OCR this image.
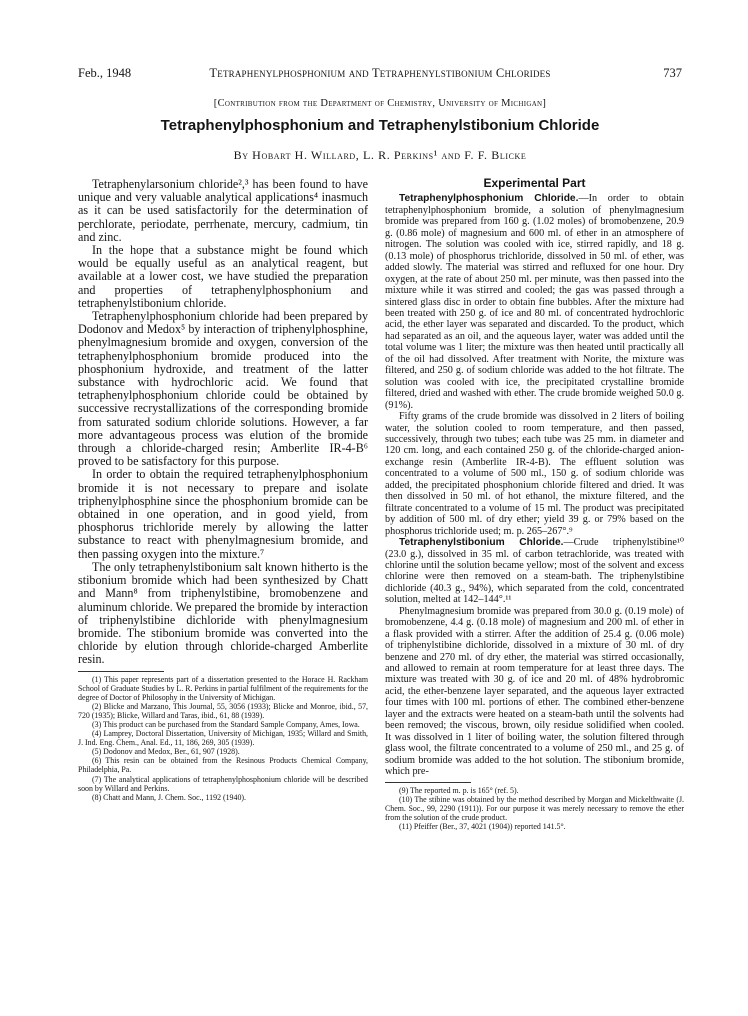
Feb., 1948	Tetraphenylphosphonium and Tetraphenylstibonium Chlorides	737
[Contribution from the Department of Chemistry, University of Michigan]
Tetraphenylphosphonium and Tetraphenylstibonium Chloride
By Hobart H. Willard, L. R. Perkins¹ and F. F. Blicke

Tetraphenylarsonium chloride²,³ has been found to have unique and very valuable analytical applications⁴ inasmuch as it can be used satisfactorily for the determination of perchlorate, periodate, perrhenate, mercury, cadmium, tin and zinc.

In the hope that a substance might be found which would be equally useful as an analytical reagent, but available at a lower cost, we have studied the preparation and properties of tetraphenylphosphonium and tetraphenylstibonium chloride.

Tetraphenylphosphonium chloride had been prepared by Dodonov and Medox⁵ by interaction of triphenylphosphine, phenylmagnesium bromide and oxygen, conversion of the tetraphenylphosphonium bromide produced into the phosphonium hydroxide, and treatment of the latter substance with hydrochloric acid. We found that tetraphenylphosphonium chloride could be obtained by successive recrystallizations of the corresponding bromide from saturated sodium chloride solutions. However, a far more advantageous process was elution of the bromide through a chloride-charged resin; Amberlite IR-4-B⁶ proved to be satisfactory for this purpose.

In order to obtain the required tetraphenylphosphonium bromide it is not necessary to prepare and isolate triphenylphosphine since the phosphonium bromide can be obtained in one operation, and in good yield, from phosphorus trichloride merely by allowing the latter substance to react with phenylmagnesium bromide, and then passing oxygen into the mixture.⁷

The only tetraphenylstibonium salt known hitherto is the stibonium bromide which had been synthesized by Chatt and Mann⁸ from triphenylstibine, bromobenzene and aluminum chloride. We prepared the bromide by interaction of triphenylstibine dichloride with phenylmagnesium bromide. The stibonium bromide was converted into the chloride by elution through chloride-charged Amberlite resin.

(1) This paper represents part of a dissertation presented to the Horace H. Rackham School of Graduate Studies by L. R. Perkins in partial fulfilment of the requirements for the degree of Doctor of Philosophy in the University of Michigan.

(2) Blicke and Marzano, This Journal, 55, 3056 (1933); Blicke and Monroe, ibid., 57, 720 (1935); Blicke, Willard and Taras, ibid., 61, 88 (1939).

(3) This product can be purchased from the Standard Sample Company, Ames, Iowa.

(4) Lamprey, Doctoral Dissertation, University of Michigan, 1935; Willard and Smith, J. Ind. Eng. Chem., Anal. Ed., 11, 186, 269, 305 (1939).

(5) Dodonov and Medox, Ber., 61, 907 (1928).

(6) This resin can be obtained from the Resinous Products Chemical Company, Philadelphia, Pa.

(7) The analytical applications of tetraphenylphosphonium chloride will be described soon by Willard and Perkins.

(8) Chatt and Mann, J. Chem. Soc., 1192 (1940).

Experimental Part

Tetraphenylphosphonium Chloride.—In order to obtain tetraphenylphosphonium bromide, a solution of phenylmagnesium bromide was prepared from 160 g. (1.02 moles) of bromobenzene, 20.9 g. (0.86 mole) of magnesium and 600 ml. of ether in an atmosphere of nitrogen. The solution was cooled with ice, stirred rapidly, and 18 g. (0.13 mole) of phosphorus trichloride, dissolved in 50 ml. of ether, was added slowly. The material was stirred and refluxed for one hour. Dry oxygen, at the rate of about 250 ml. per minute, was then passed into the mixture while it was stirred and cooled; the gas was passed through a sintered glass disc in order to obtain fine bubbles. After the mixture had been treated with 250 g. of ice and 80 ml. of concentrated hydrochloric acid, the ether layer was separated and discarded. To the product, which had separated as an oil, and the aqueous layer, water was added until the total volume was 1 liter; the mixture was then heated until practically all of the oil had dissolved. After treatment with Norite, the mixture was filtered, and 250 g. of sodium chloride was added to the hot filtrate. The solution was cooled with ice, the precipitated crystalline bromide filtered, dried and washed with ether. The crude bromide weighed 50.0 g. (91%).

Fifty grams of the crude bromide was dissolved in 2 liters of boiling water, the solution cooled to room temperature, and then passed, successively, through two tubes; each tube was 25 mm. in diameter and 120 cm. long, and each contained 250 g. of the chloride-charged anion-exchange resin (Amberlite IR-4-B). The effluent solution was concentrated to a volume of 500 ml., 150 g. of sodium chloride was added, the precipitated phosphonium chloride filtered and dried. It was then dissolved in 50 ml. of hot ethanol, the mixture filtered, and the filtrate concentrated to a volume of 15 ml. The product was precipitated by addition of 500 ml. of dry ether; yield 39 g. or 79% based on the phosphorus trichloride used; m. p. 265–267°.⁹

Tetraphenylstibonium Chloride.—Crude triphenylstibine¹⁰ (23.0 g.), dissolved in 35 ml. of carbon tetrachloride, was treated with chlorine until the solution became yellow; most of the solvent and excess chlorine were then removed on a steam-bath. The triphenylstibine dichloride (40.3 g., 94%), which separated from the cold, concentrated solution, melted at 142–144°.¹¹

Phenylmagnesium bromide was prepared from 30.0 g. (0.19 mole) of bromobenzene, 4.4 g. (0.18 mole) of magnesium and 200 ml. of ether in a flask provided with a stirrer. After the addition of 25.4 g. (0.06 mole) of triphenylstibine dichloride, dissolved in a mixture of 30 ml. of dry benzene and 270 ml. of dry ether, the material was stirred occasionally, and allowed to remain at room temperature for at least three days. The mixture was treated with 30 g. of ice and 20 ml. of 48% hydrobromic acid, the ether-benzene layer separated, and the aqueous layer extracted four times with 100 ml. portions of ether. The combined ether-benzene layer and the extracts were heated on a steam-bath until the solvents had been removed; the viscous, brown, oily residue solidified when cooled. It was dissolved in 1 liter of boiling water, the solution filtered through glass wool, the filtrate concentrated to a volume of 250 ml., and 25 g. of sodium bromide was added to the hot solution. The stibonium bromide, which pre-

(9) The reported m. p. is 165° (ref. 5).

(10) The stibine was obtained by the method described by Morgan and Mickelthwaite (J. Chem. Soc., 99, 2290 (1911)). For our purpose it was merely necessary to remove the ether from the solution of the crude product.

(11) Pfeiffer (Ber., 37, 4021 (1904)) reported 141.5°.
